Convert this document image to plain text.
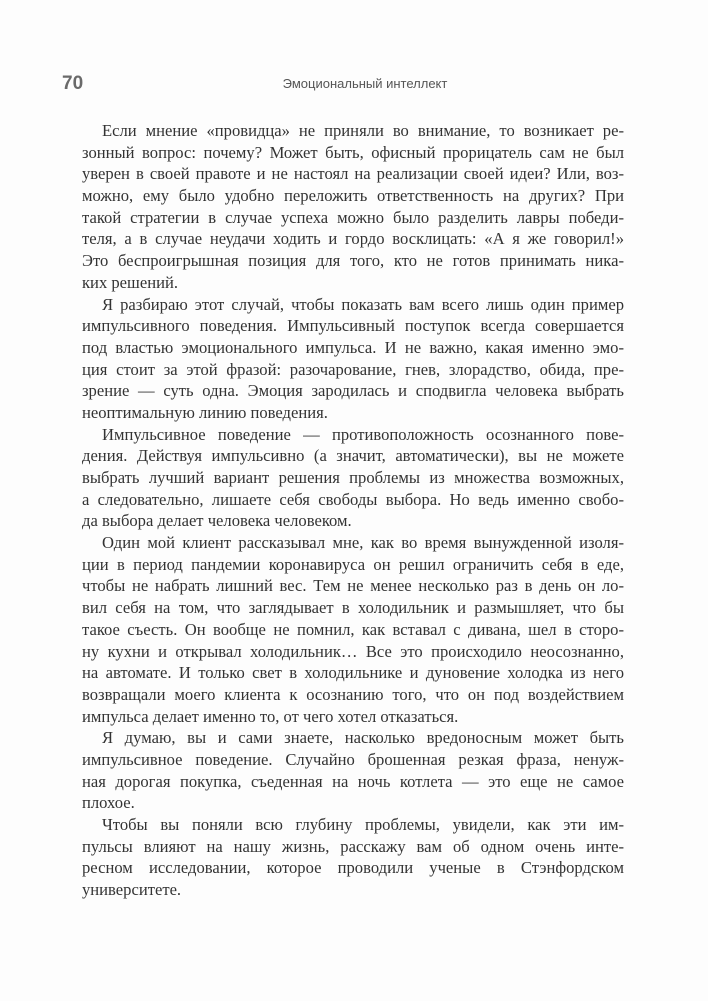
70	Эмоциональный интеллект
Если мнение «провидца» не приняли во внимание, то возникает ре-
зонный вопрос: почему? Может быть, офисный прорицатель сам не был
уверен в своей правоте и не настоял на реализации своей идеи? Или, воз-
можно, ему было удобно переложить ответственность на других? При
такой стратегии в случае успеха можно было разделить лавры победи-
теля, а в случае неудачи ходить и гордо восклицать: «А я же говорил!»
Это беспроигрышная позиция для того, кто не готов принимать ника-
ких решений.
Я разбираю этот случай, чтобы показать вам всего лишь один пример
импульсивного поведения. Импульсивный поступок всегда совершается
под властью эмоционального импульса. И не важно, какая именно эмо-
ция стоит за этой фразой: разочарование, гнев, злорадство, обида, пре-
зрение — суть одна. Эмоция зародилась и сподвигла человека выбрать
неоптимальную линию поведения.
Импульсивное поведение — противоположность осознанного пове-
дения. Действуя импульсивно (а значит, автоматически), вы не можете
выбрать лучший вариант решения проблемы из множества возможных,
а следовательно, лишаете себя свободы выбора. Но ведь именно свобо-
да выбора делает человека человеком.
Один мой клиент рассказывал мне, как во время вынужденной изоля-
ции в период пандемии коронавируса он решил ограничить себя в еде,
чтобы не набрать лишний вес. Тем не менее несколько раз в день он ло-
вил себя на том, что заглядывает в холодильник и размышляет, что бы
такое съесть. Он вообще не помнил, как вставал с дивана, шел в сторо-
ну кухни и открывал холодильник… Все это происходило неосознанно,
на автомате. И только свет в холодильнике и дуновение холодка из него
возвращали моего клиента к осознанию того, что он под воздействием
импульса делает именно то, от чего хотел отказаться.
Я думаю, вы и сами знаете, насколько вредоносным может быть
импульсивное поведение. Случайно брошенная резкая фраза, ненуж-
ная дорогая покупка, съеденная на ночь котлета — это еще не самое
плохое.
Чтобы вы поняли всю глубину проблемы, увидели, как эти им-
пульсы влияют на нашу жизнь, расскажу вам об одном очень инте-
ресном исследовании, которое проводили ученые в Стэнфордском
университете.
